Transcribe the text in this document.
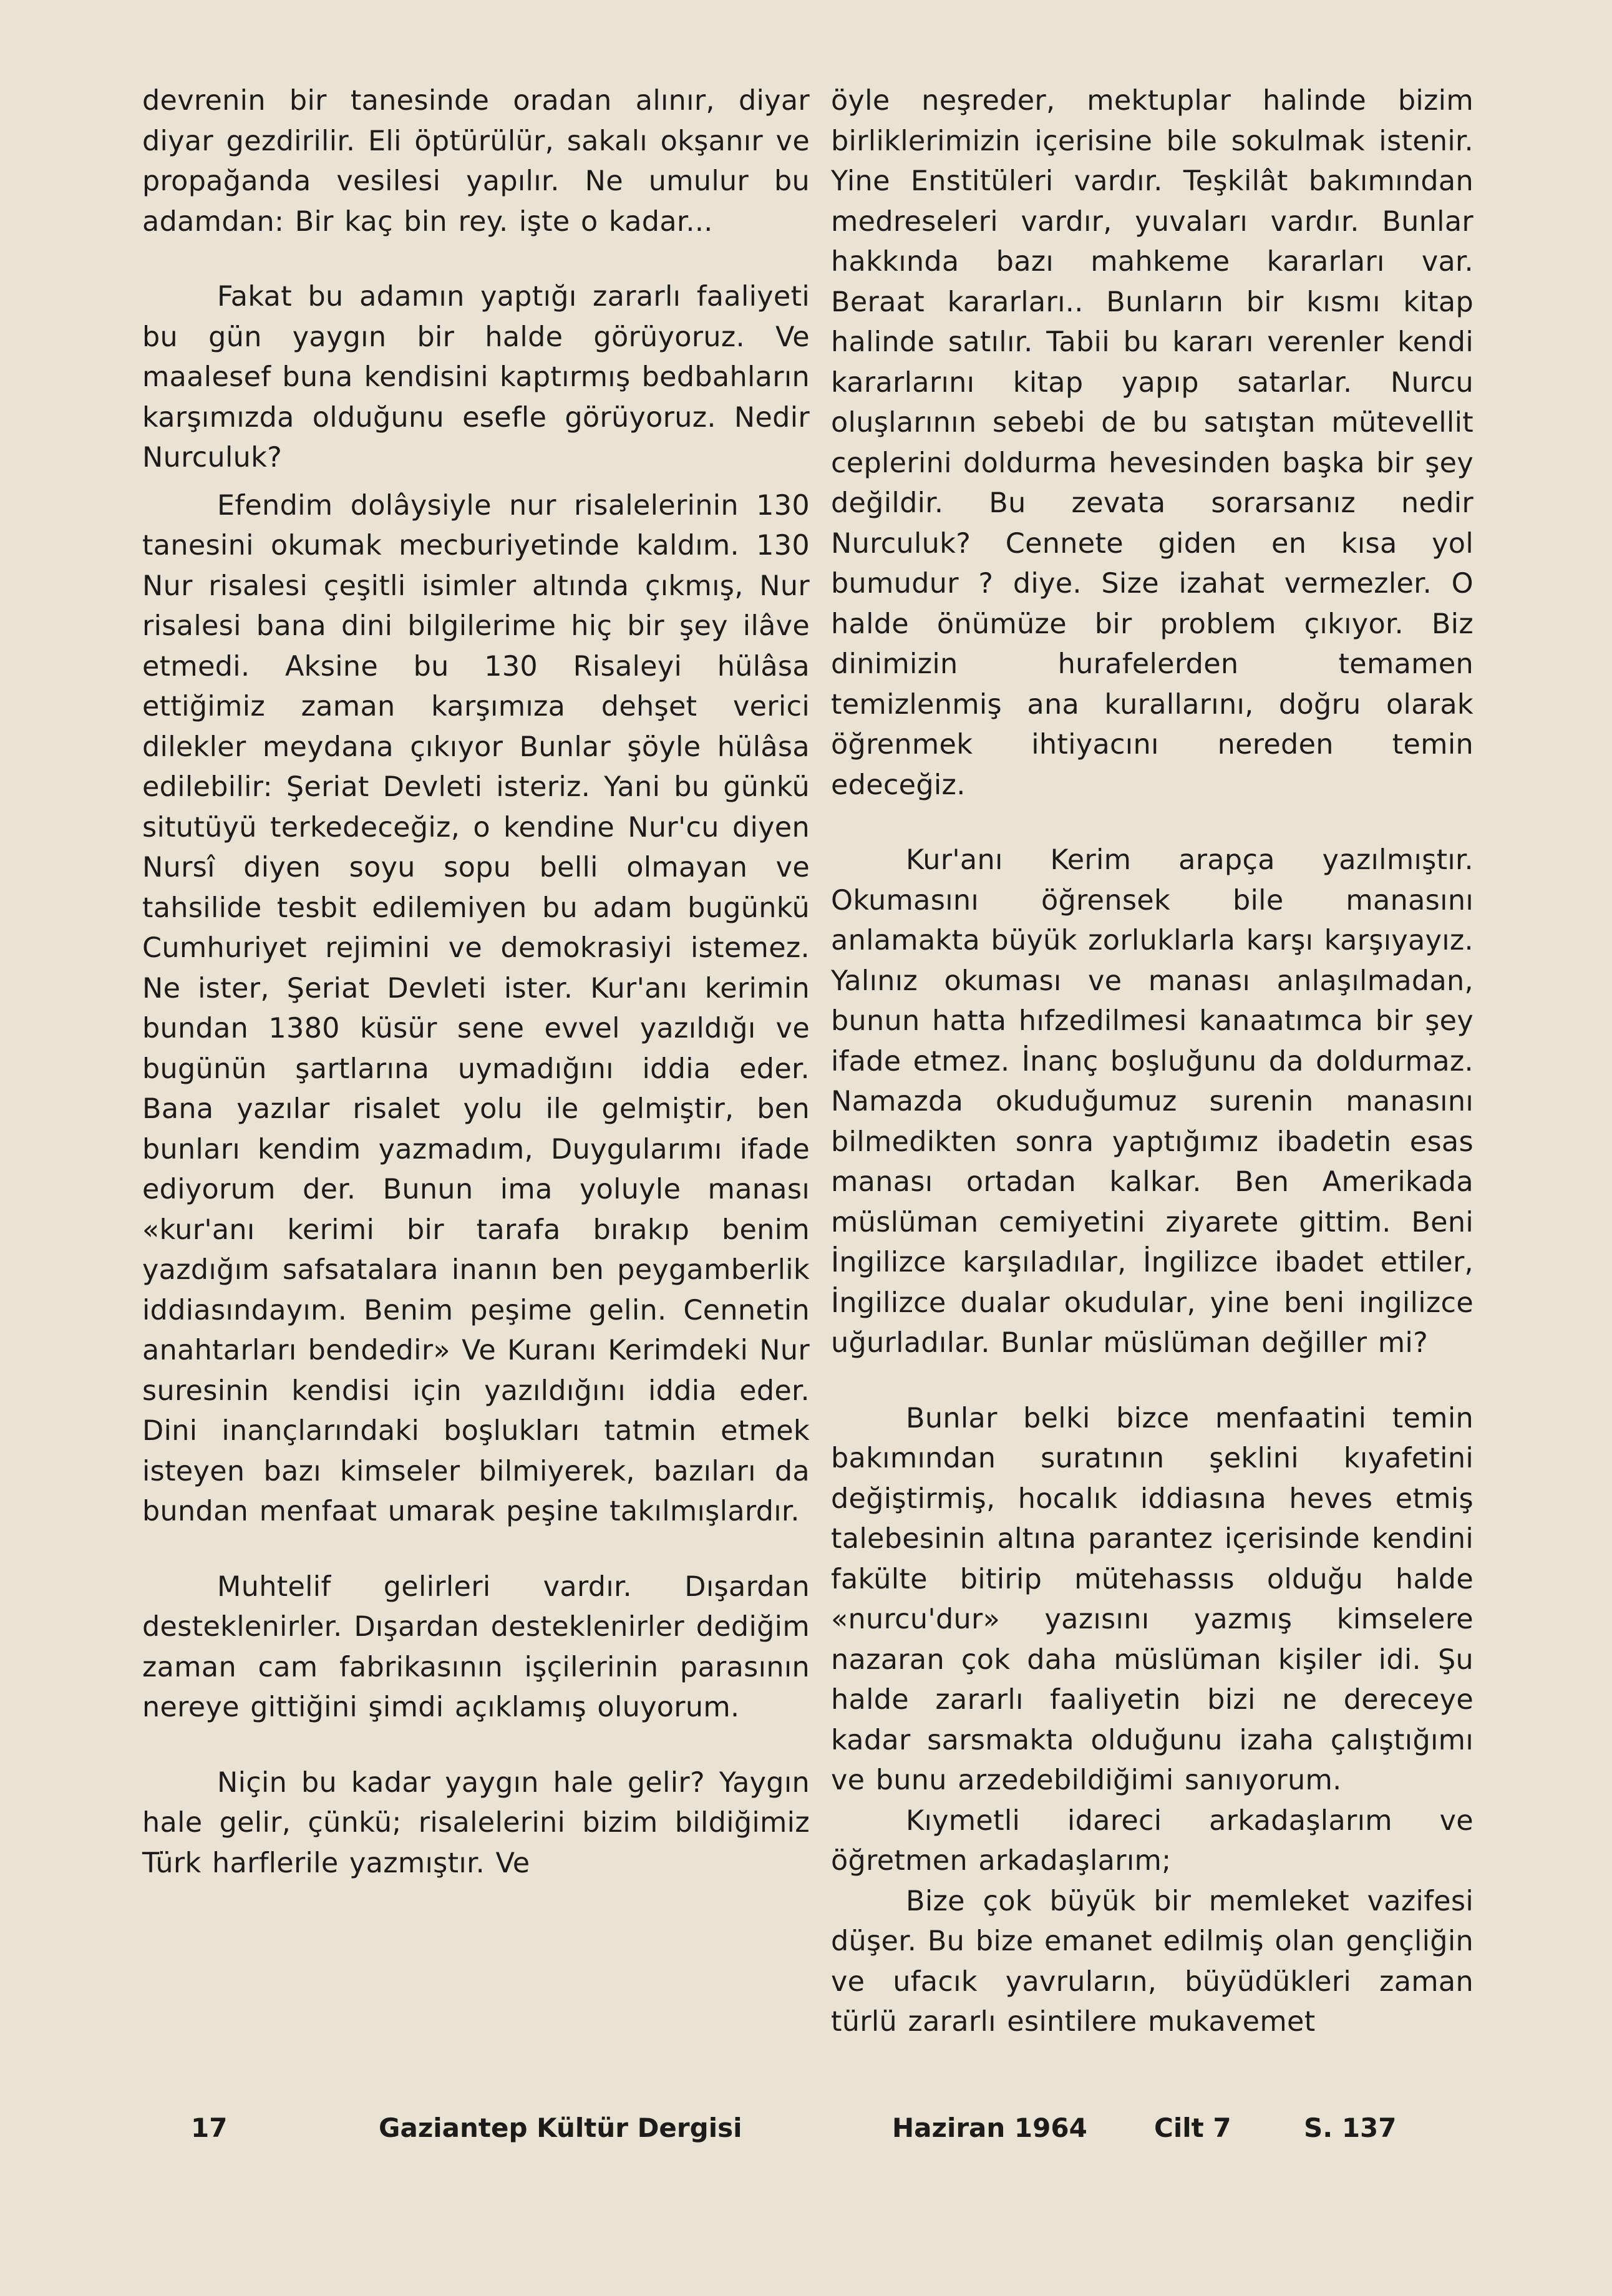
devrenin bir tanesinde oradan alınır, diyar diyar gezdirilir. Eli öptürülür, sakalı okşanır ve propağanda vesilesi yapılır. Ne umulur bu adamdan: Bir kaç bin rey. işte o kadar...

Fakat bu adamın yaptığı zararlı faaliyeti bu gün yaygın bir halde görüyoruz. Ve maalesef buna kendisini kaptırmış bedbahların karşımızda olduğunu esefle görüyoruz. Nedir Nurculuk?

Efendim dolâysiyle nur risalelerinin 130 tanesini okumak mecburiyetinde kaldım. 130 Nur risalesi çeşitli isimler altında çıkmış, Nur risalesi bana dini bilgilerime hiç bir şey ilâve etmedi. Aksine bu 130 Risaleyi hülâsa ettiğimiz zaman karşımıza dehşet verici dilekler meydana çıkıyor Bunlar şöyle hülâsa edilebilir: Şeriat Devleti isteriz. Yani bu günkü situtüyü terkedeceğiz, o kendine Nur'cu diyen Nursî diyen soyu sopu belli olmayan ve tahsilide tesbit edilemiyen bu adam bugünkü Cumhuriyet rejimini ve demokrasiyi istemez. Ne ister, Şeriat Devleti ister. Kur'anı kerimin bundan 1380 küsür sene evvel yazıldığı ve bugünün şartlarına uymadığını iddia eder. Bana yazılar risalet yolu ile gelmiştir, ben bunları kendim yazmadım, Duygularımı ifade ediyorum der. Bunun ima yoluyle manası «kur'anı kerimi bir tarafa bırakıp benim yazdığım safsatalara inanın ben peygamberlik iddiasındayım. Benim peşime gelin. Cennetin anahtarları bendedir» Ve Kuranı Kerimdeki Nur suresinin kendisi için yazıldığını iddia eder. Dini inançlarındaki boşlukları tatmin etmek isteyen bazı kimseler bilmiyerek, bazıları da bundan menfaat umarak peşine takılmışlardır.

Muhtelif gelirleri vardır. Dışardan desteklenirler. Dışardan desteklenirler dediğim zaman cam fabrikasının işçilerinin parasının nereye gittiğini şimdi açıklamış oluyorum.

Niçin bu kadar yaygın hale gelir? Yaygın hale gelir, çünkü; risalelerini bizim bildiğimiz Türk harflerile yazmıştır. Ve

öyle neşreder, mektuplar halinde bizim birliklerimizin içerisine bile sokulmak istenir. Yine Enstitüleri vardır. Teşkilât bakımından medreseleri vardır, yuvaları vardır. Bunlar hakkında bazı mahkeme kararları var. Beraat kararları.. Bunların bir kısmı kitap halinde satılır. Tabii bu kararı verenler kendi kararlarını kitap yapıp satarlar. Nurcu oluşlarının sebebi de bu satıştan mütevellit ceplerini doldurma hevesinden başka bir şey değildir. Bu zevata sorarsanız nedir Nurculuk? Cennete giden en kısa yol bumudur ? diye. Size izahat vermezler. O halde önümüze bir problem çıkıyor. Biz dinimizin hurafelerden temamen temizlenmiş ana kurallarını, doğru olarak öğrenmek ihtiyacını nereden temin edeceğiz.

Kur'anı Kerim arapça yazılmıştır. Okumasını öğrensek bile manasını anlamakta büyük zorluklarla karşı karşıyayız. Yalınız okuması ve manası anlaşılmadan, bunun hatta hıfzedilmesi kanaatımca bir şey ifade etmez. İnanç boşluğunu da doldurmaz. Namazda okuduğumuz surenin manasını bilmedikten sonra yaptığımız ibadetin esas manası ortadan kalkar. Ben Amerikada müslüman cemiyetini ziyarete gittim. Beni İngilizce karşıladılar, İngilizce ibadet ettiler, İngilizce dualar okudular, yine beni ingilizce uğurladılar. Bunlar müslüman değiller mi?

Bunlar belki bizce menfaatini temin bakımından suratının şeklini kıyafetini değiştirmiş, hocalık iddiasına heves etmiş talebesinin altına parantez içerisinde kendini fakülte bitirip mütehassıs olduğu halde «nurcu'dur» yazısını yazmış kimselere nazaran çok daha müslüman kişiler idi. Şu halde zararlı faaliyetin bizi ne dereceye kadar sarsmakta olduğunu izaha çalıştığımı ve bunu arzedebildiğimi sanıyorum.

Kıymetli idareci arkadaşlarım ve öğretmen arkadaşlarım;

Bize çok büyük bir memleket vazifesi düşer. Bu bize emanet edilmiş olan gençliğin ve ufacık yavruların, büyüdükleri zaman türlü zararlı esintilere mukavemet

17	Gaziantep Kültür Dergisi	Haziran 1964	Cilt 7	S. 137
